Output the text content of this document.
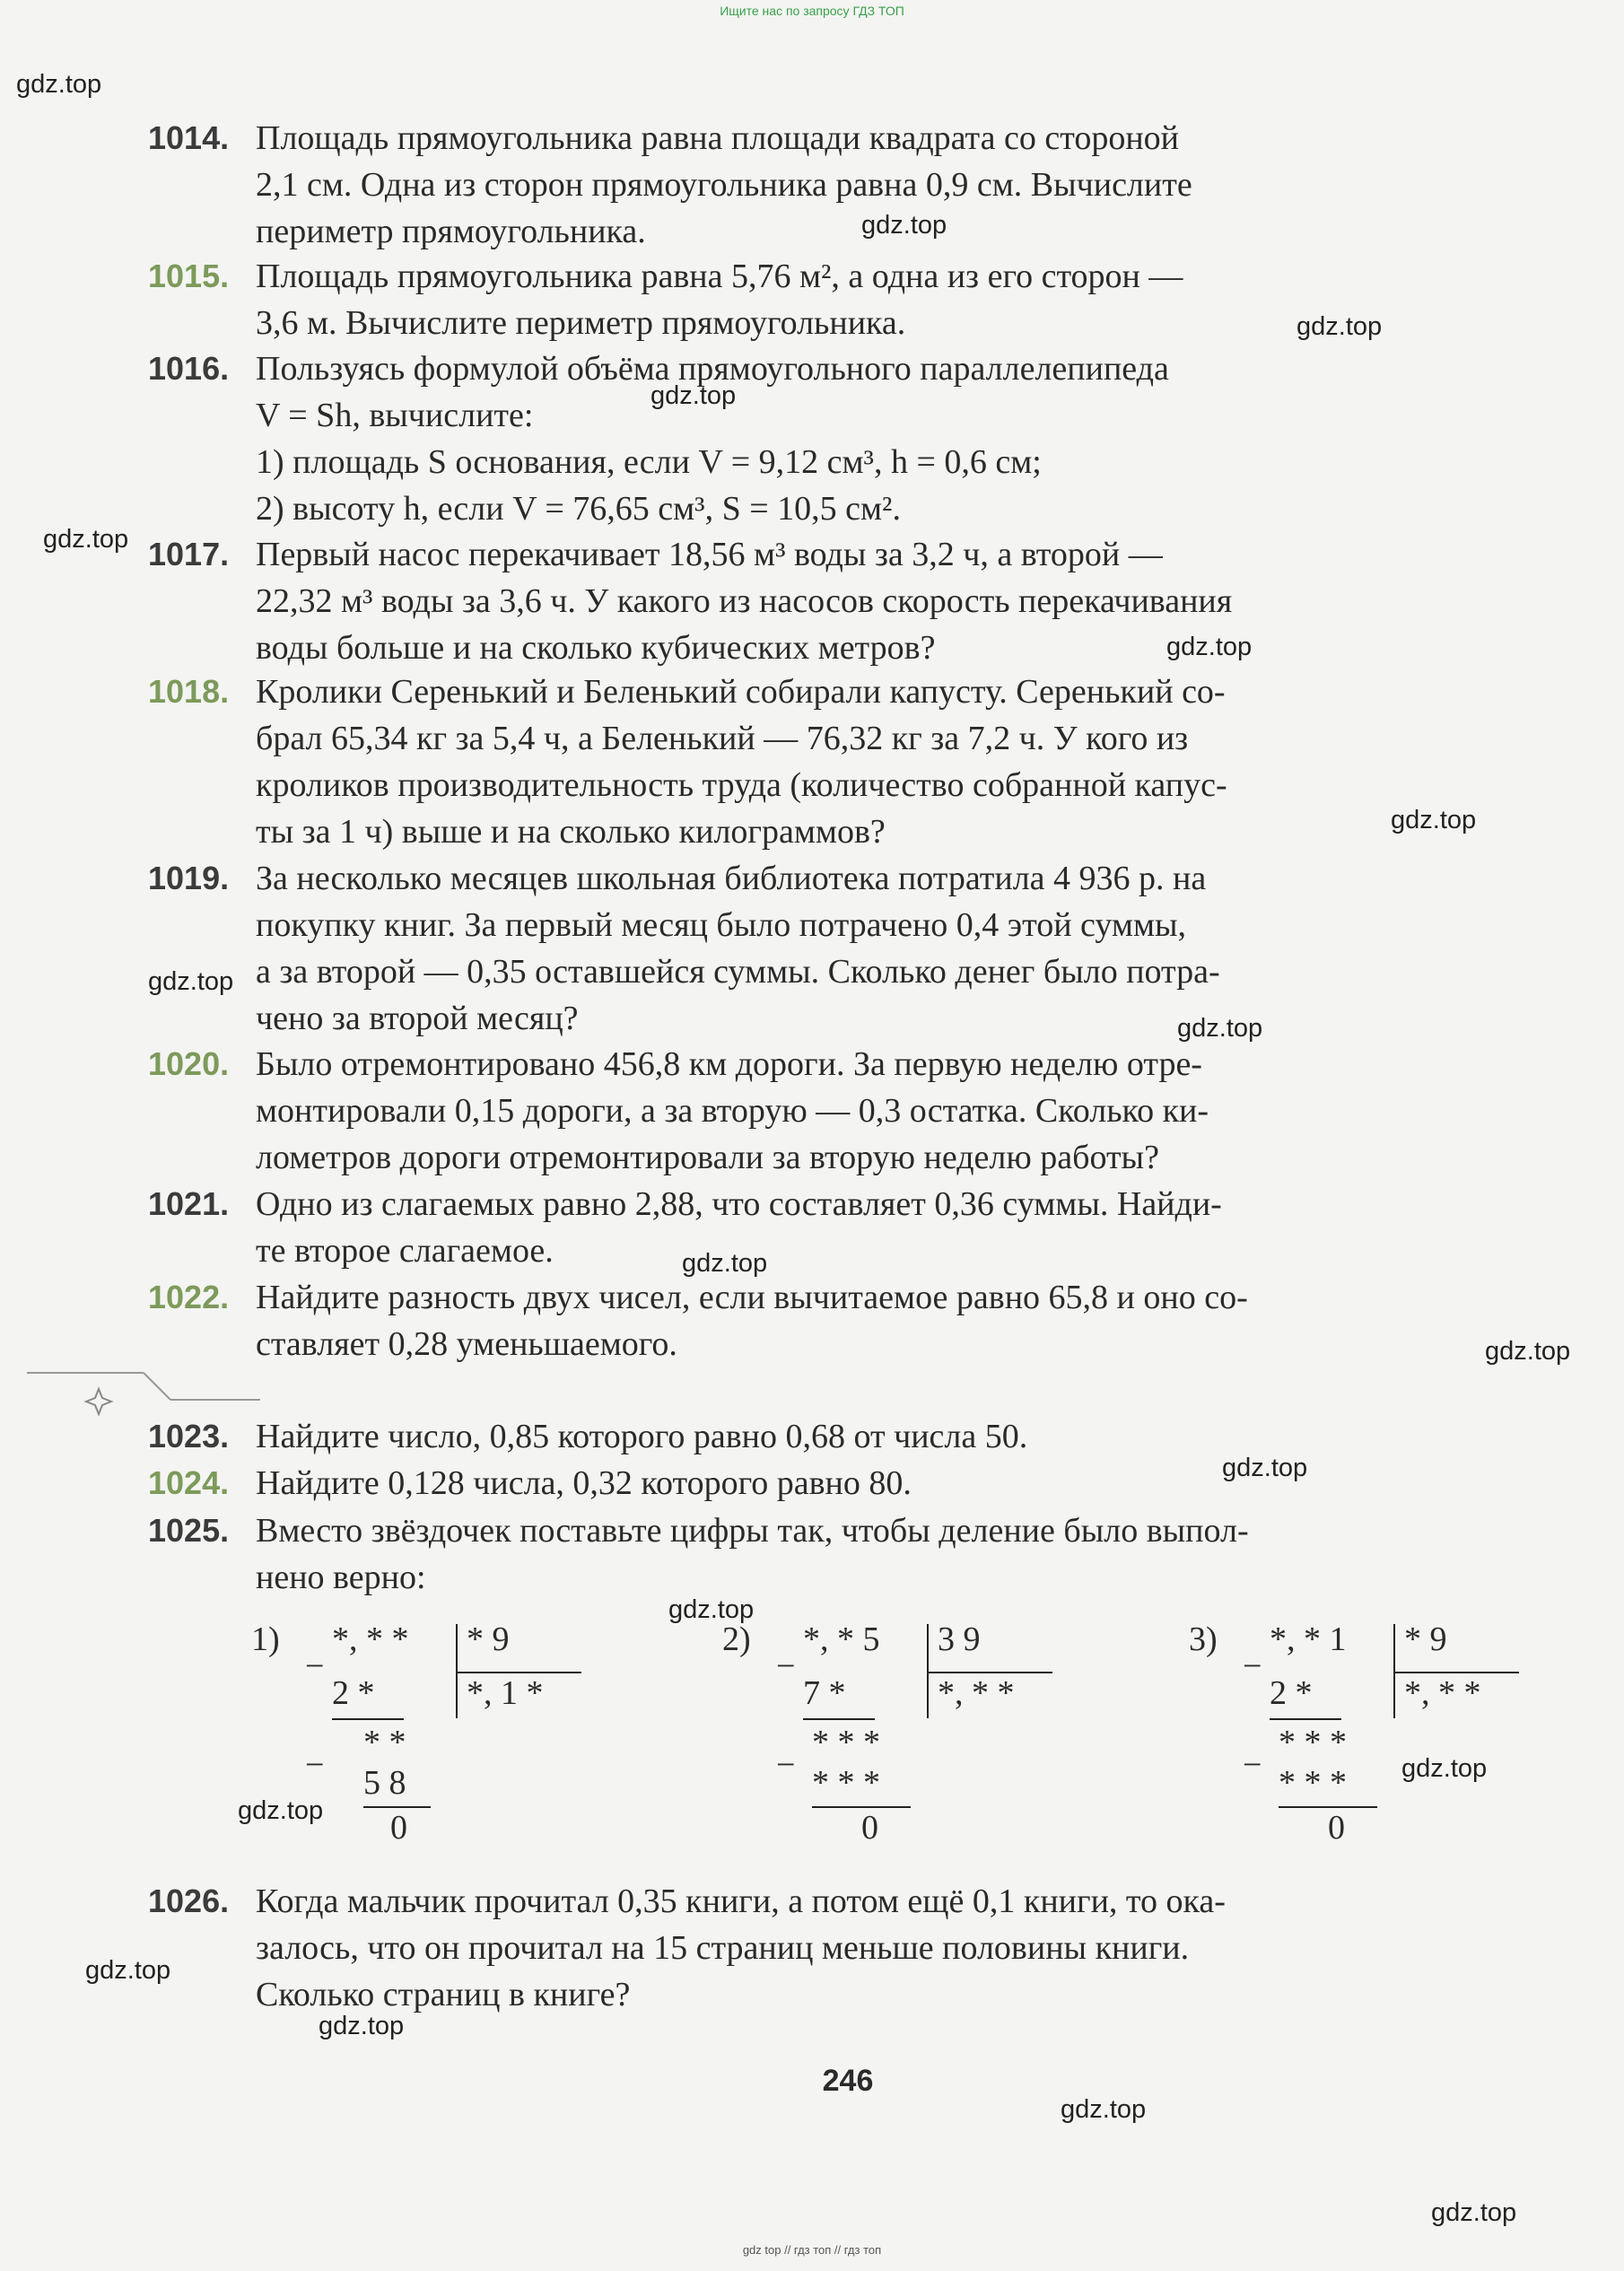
Ищите нас по запросу ГДЗ ТОП
gdz.top
gdz.top
gdz.top
gdz.top
gdz.top
gdz.top
gdz.top
gdz.top
gdz.top
gdz.top
gdz.top
gdz.top
gdz.top
gdz.top
gdz.top
gdz.top
gdz.top
gdz.top
gdz.top
1014. Площадь прямоугольника равна площади квадрата со стороной
2,1 см. Одна из сторон прямоугольника равна 0,9 см. Вычислите
периметр прямоугольника.
1015. Площадь прямоугольника равна 5,76 м², а одна из его сторон —
3,6 м. Вычислите периметр прямоугольника.
1016. Пользуясь формулой объёма прямоугольного параллелепипеда
V = Sh, вычислите:
1) площадь S основания, если V = 9,12 см³, h = 0,6 см;
2) высоту h, если V = 76,65 см³, S = 10,5 см².
1017. Первый насос перекачивает 18,56 м³ воды за 3,2 ч, а второй —
22,32 м³ воды за 3,6 ч. У какого из насосов скорость перекачивания
воды больше и на сколько кубических метров?
1018. Кролики Серенький и Беленький собирали капусту. Серенький со-
брал 65,34 кг за 5,4 ч, а Беленький — 76,32 кг за 7,2 ч. У кого из
кроликов производительность труда (количество собранной капус-
ты за 1 ч) выше и на сколько килограммов?
1019. За несколько месяцев школьная библиотека потратила 4 936 р. на
покупку книг. За первый месяц было потрачено 0,4 этой суммы,
а за второй — 0,35 оставшейся суммы. Сколько денег было потра-
чено за второй месяц?
1020. Было отремонтировано 456,8 км дороги. За первую неделю отре-
монтировали 0,15 дороги, а за вторую — 0,3 остатка. Сколько ки-
лометров дороги отремонтировали за вторую неделю работы?
1021. Одно из слагаемых равно 2,88, что составляет 0,36 суммы. Найди-
те второе слагаемое.
1022. Найдите разность двух чисел, если вычитаемое равно 65,8 и оно со-
ставляет 0,28 уменьшаемого.
1023. Найдите число, 0,85 которого равно 0,68 от числа 50.
1024. Найдите 0,128 числа, 0,32 которого равно 80.
1025. Вместо звёздочек поставьте цифры так, чтобы деление было выпол-
нено верно:
1)
−
*, * * * 9
*, 1 *
2 *
−
* *
5 8
0
2)
−
*, * 5 3 9
*, * *
7 *
−
* * *
* * *
0
3)
−
*, * 1 * 9
*, * *
2 *
−
* * *
* * *
0
1026. Когда мальчик прочитал 0,35 книги, а потом ещё 0,1 книги, то ока-
залось, что он прочитал на 15 страниц меньше половины книги.
Сколько страниц в книге?
246
gdz top // гдз топ // гдз топ
